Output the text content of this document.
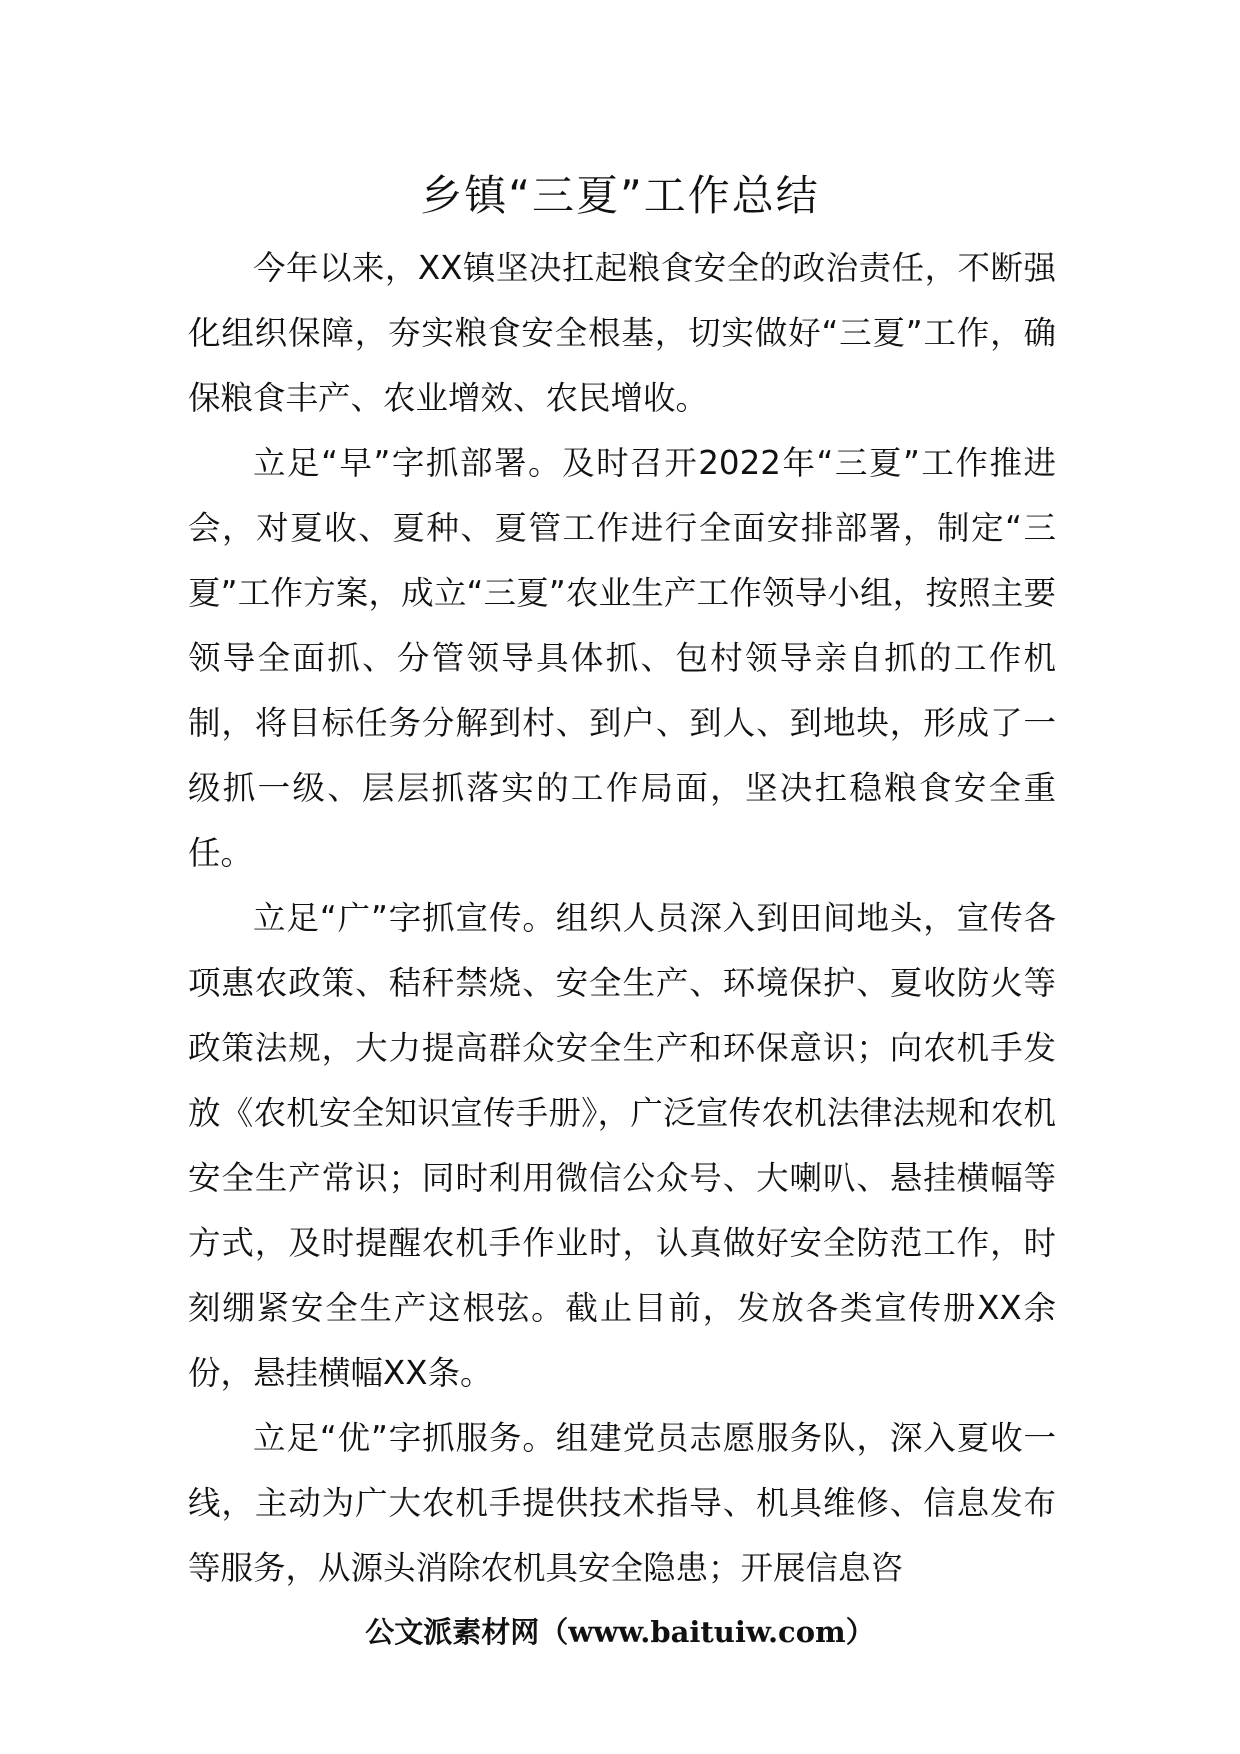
乡镇“三夏”工作总结

今年以来，XX镇坚决扛起粮食安全的政治责任，不断强化组织保障，夯实粮食安全根基，切实做好“三夏”工作，确保粮食丰产、农业增效、农民增收。

立足“早”字抓部署。及时召开2022年“三夏”工作推进会，对夏收、夏种、夏管工作进行全面安排部署，制定“三夏”工作方案，成立“三夏”农业生产工作领导小组，按照主要领导全面抓、分管领导具体抓、包村领导亲自抓的工作机制，将目标任务分解到村、到户、到人、到地块，形成了一级抓一级、层层抓落实的工作局面，坚决扛稳粮食安全重任。

立足“广”字抓宣传。组织人员深入到田间地头，宣传各项惠农政策、秸秆禁烧、安全生产、环境保护、夏收防火等政策法规，大力提高群众安全生产和环保意识；向农机手发放《农机安全知识宣传手册》，广泛宣传农机法律法规和农机安全生产常识；同时利用微信公众号、大喇叭、悬挂横幅等方式，及时提醒农机手作业时，认真做好安全防范工作，时刻绷紧安全生产这根弦。截止目前，发放各类宣传册XX余份，悬挂横幅XX条。

立足“优”字抓服务。组建党员志愿服务队，深入夏收一线，主动为广大农机手提供技术指导、机具维修、信息发布等服务，从源头消除农机具安全隐患；开展信息咨

公文派素材网（www.baituiw.com）
